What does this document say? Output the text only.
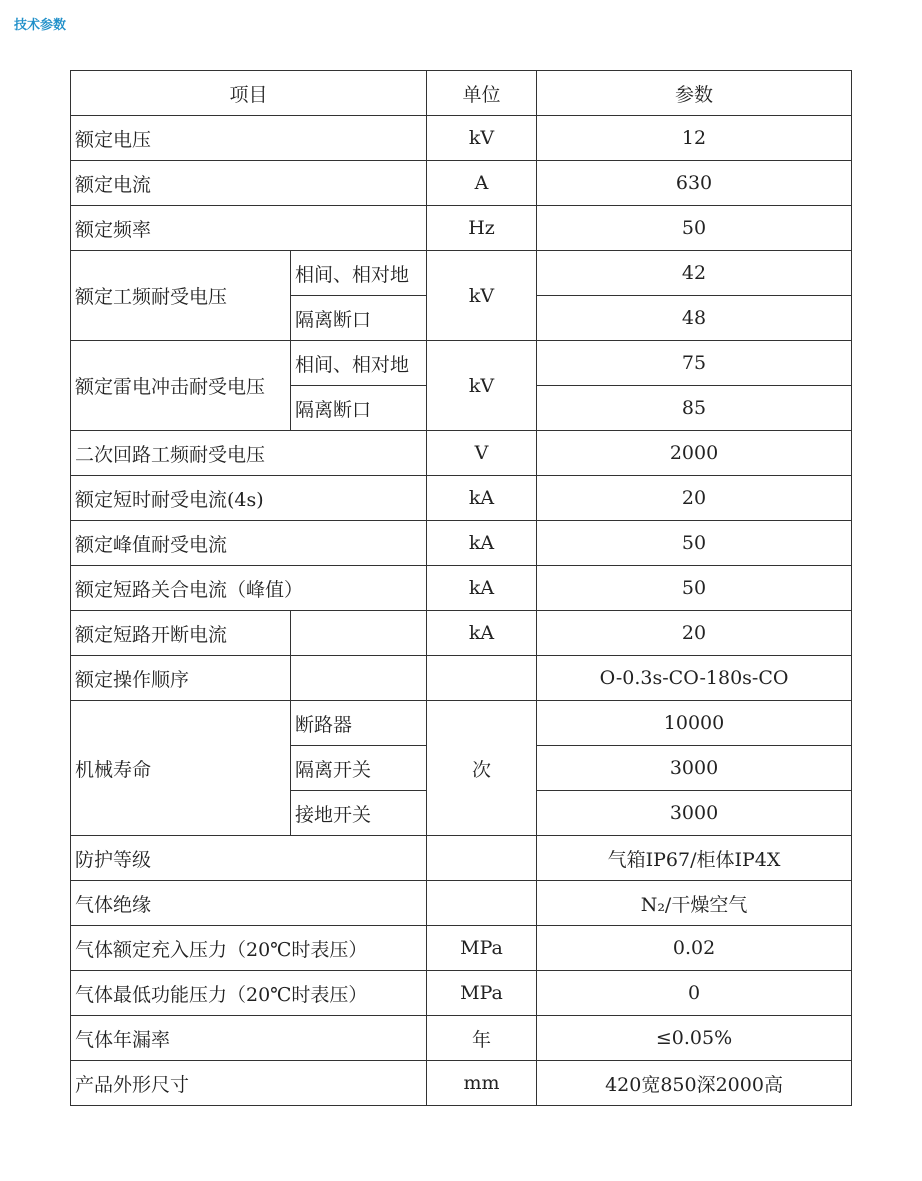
技术参数
项目		单位	参数
额定电压		kV	12
额定电流		A	630
额定频率		Hz	50
额定工频耐受电压	相间、相对地	kV	42
	隔离断口		48
额定雷电冲击耐受电压	相间、相对地	kV	75
	隔离断口		85
二次回路工频耐受电压		V	2000
额定短时耐受电流(4s)		kA	20
额定峰值耐受电流		kA	50
额定短路关合电流（峰值）		kA	50
额定短路开断电流		kA	20
额定操作顺序			O-0.3s-CO-180s-CO
机械寿命	断路器	次	10000
	隔离开关		3000
	接地开关		3000
防护等级			气箱IP67/柜体IP4X
气体绝缘			N₂/干燥空气
气体额定充入压力（20℃时表压）		MPa	0.02
气体最低功能压力（20℃时表压）		MPa	0
气体年漏率		年	≤0.05%
产品外形尺寸		mm	420宽850深2000高
